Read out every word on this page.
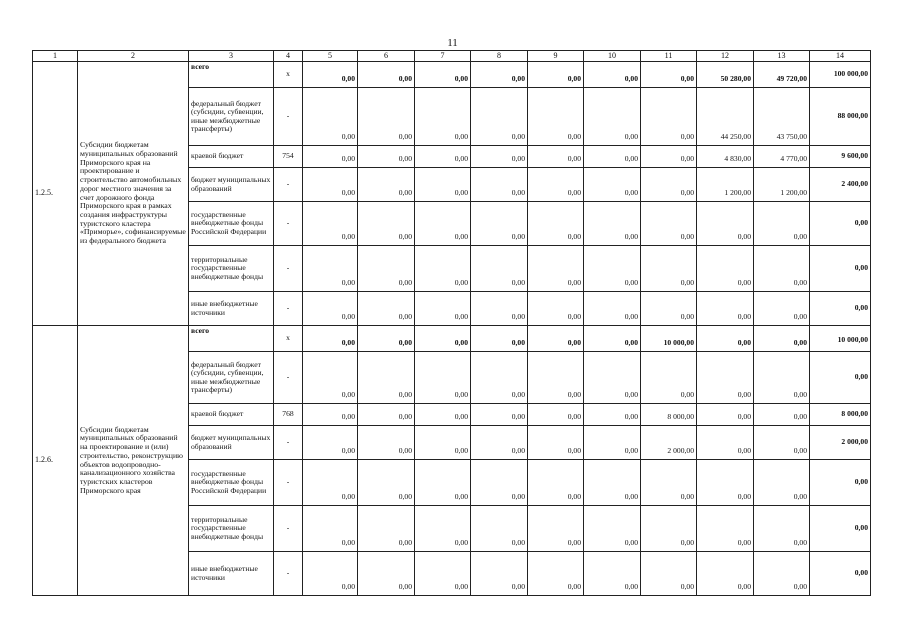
11
1	2	3	4	5	6	7	8	9	10	11	12	13	14
1.2.5.	Субсидии бюджетам муниципальных образований Приморского края на проектирование и строительство автомобильных дорог местного значения за счет дорожного фонда Приморского края в рамках создания инфраструктуры туристского кластера «Приморье», софинансируемые из федерального бюджета	всего	х	0,00	0,00	0,00	0,00	0,00	0,00	0,00	50 280,00	49 720,00	100 000,00
		федеральный бюджет (субсидии, субвенции, иные межбюджетные трансферты)	-	0,00	0,00	0,00	0,00	0,00	0,00	0,00	44 250,00	43 750,00	88 000,00
		краевой бюджет	754	0,00	0,00	0,00	0,00	0,00	0,00	0,00	4 830,00	4 770,00	9 600,00
		бюджет муниципальных образований	-	0,00	0,00	0,00	0,00	0,00	0,00	0,00	1 200,00	1 200,00	2 400,00
		государственные внебюджетные фонды Российской Федерации	-	0,00	0,00	0,00	0,00	0,00	0,00	0,00	0,00	0,00	0,00
		территориальные государственные внебюджетные фонды	-	0,00	0,00	0,00	0,00	0,00	0,00	0,00	0,00	0,00	0,00
		иные внебюджетные источники	-	0,00	0,00	0,00	0,00	0,00	0,00	0,00	0,00	0,00	0,00
1.2.6.	Субсидии бюджетам муниципальных образований на проектирование и (или) строительство, реконструкцию объектов водопроводно-канализационного хозяйства туристских кластеров Приморского края	всего	х	0,00	0,00	0,00	0,00	0,00	0,00	10 000,00	0,00	0,00	10 000,00
		федеральный бюджет (субсидии, субвенции, иные межбюджетные трансферты)	-	0,00	0,00	0,00	0,00	0,00	0,00	0,00	0,00	0,00	0,00
		краевой бюджет	768	0,00	0,00	0,00	0,00	0,00	0,00	8 000,00	0,00	0,00	8 000,00
		бюджет муниципальных образований	-	0,00	0,00	0,00	0,00	0,00	0,00	2 000,00	0,00	0,00	2 000,00
		государственные внебюджетные фонды Российской Федерации	-	0,00	0,00	0,00	0,00	0,00	0,00	0,00	0,00	0,00	0,00
		территориальные государственные внебюджетные фонды	-	0,00	0,00	0,00	0,00	0,00	0,00	0,00	0,00	0,00	0,00
		иные внебюджетные источники	-	0,00	0,00	0,00	0,00	0,00	0,00	0,00	0,00	0,00	0,00
